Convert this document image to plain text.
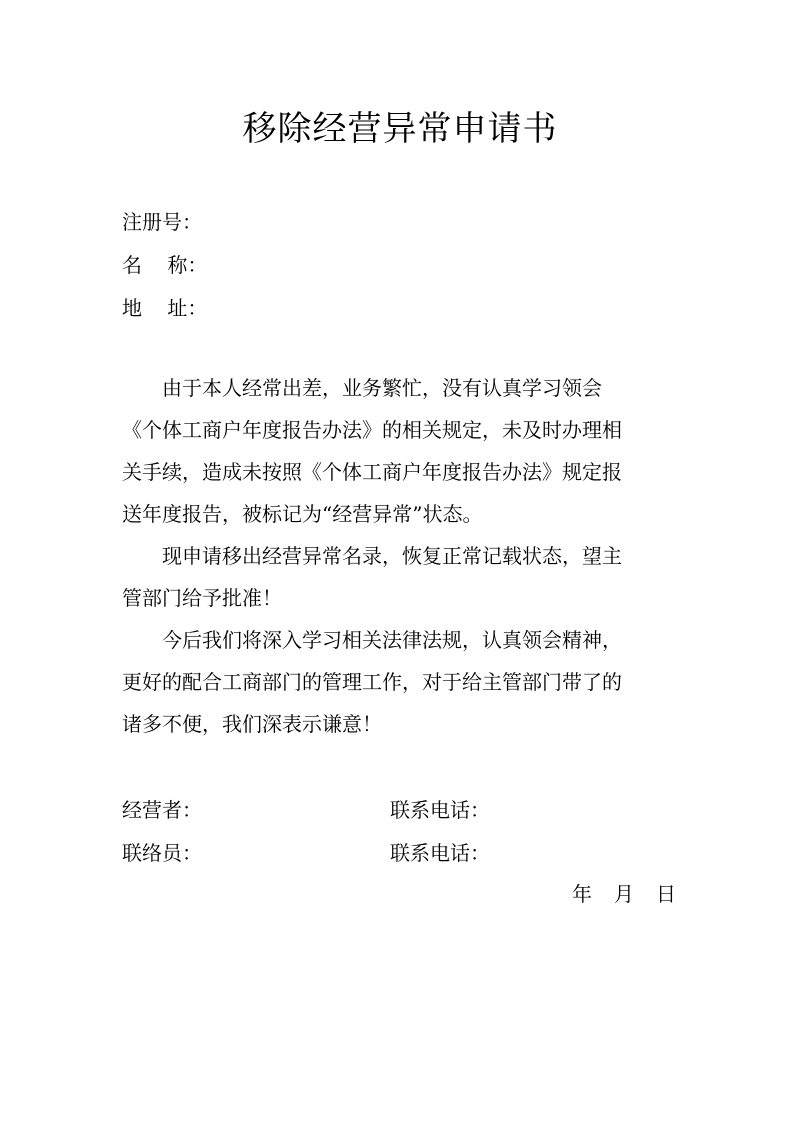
移除经营异常申请书
注册号：
名    称：
地    址：
由于本人经常出差，业务繁忙，没有认真学习领会
《个体工商户年度报告办法》的相关规定，未及时办理相
关手续，造成未按照《个体工商户年度报告办法》规定报
送年度报告，被标记为“经营异常”状态。
现申请移出经营异常名录，恢复正常记载状态，望主
管部门给予批准！
今后我们将深入学习相关法律法规，认真领会精神，
更好的配合工商部门的管理工作，对于给主管部门带了的
诸多不便，我们深表示谦意！
经营者：	联系电话：
联络员：	联系电话：
年 月 日
